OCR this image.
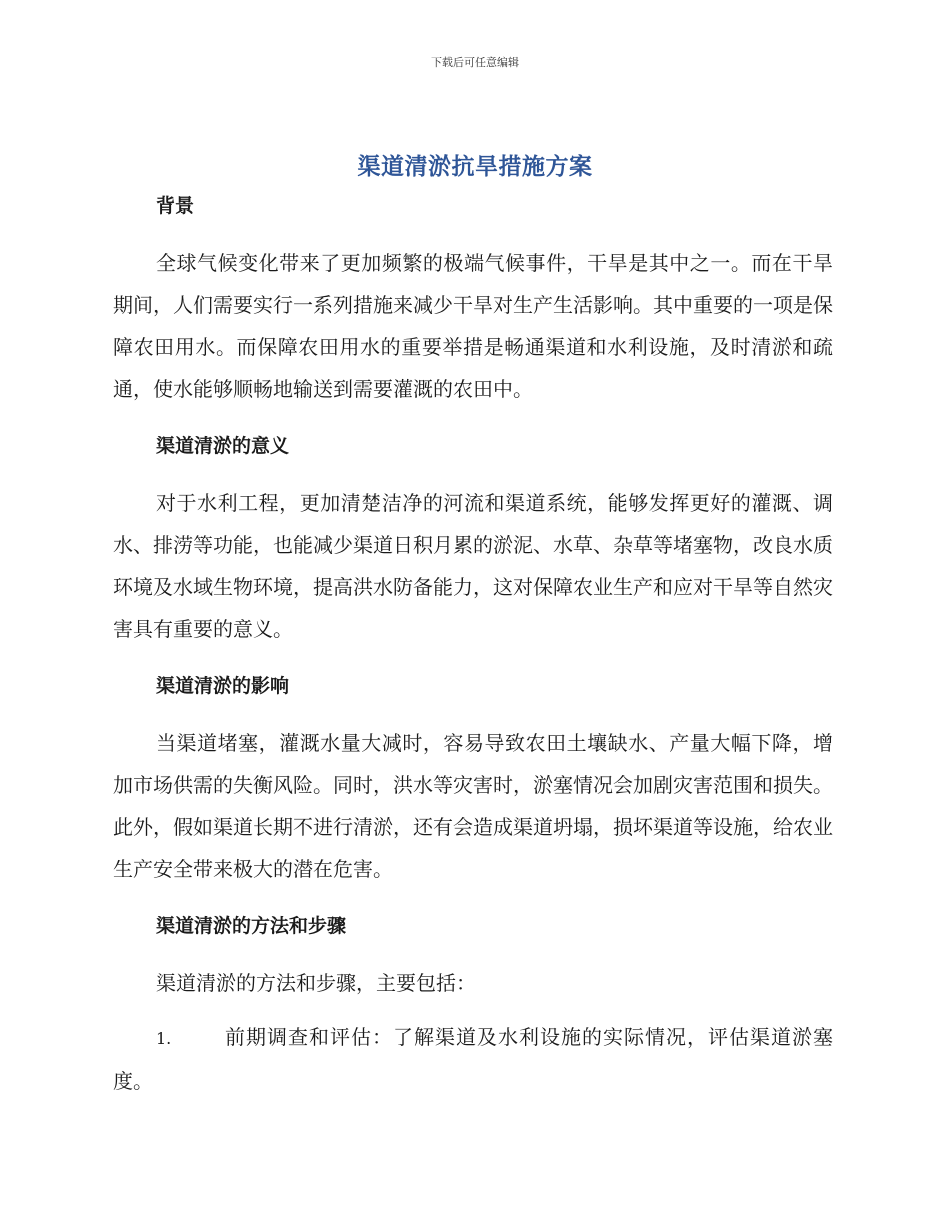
下载后可任意编辑
渠道清淤抗旱措施方案
背景

全球气候变化带来了更加频繁的极端气候事件，干旱是其中之一。而在干旱期间，人们需要实行一系列措施来减少干旱对生产生活影响。其中重要的一项是保障农田用水。而保障农田用水的重要举措是畅通渠道和水利设施，及时清淤和疏通，使水能够顺畅地输送到需要灌溉的农田中。

渠道清淤的意义

对于水利工程，更加清楚洁净的河流和渠道系统，能够发挥更好的灌溉、调水、排涝等功能，也能减少渠道日积月累的淤泥、水草、杂草等堵塞物，改良水质环境及水域生物环境，提高洪水防备能力，这对保障农业生产和应对干旱等自然灾害具有重要的意义。

渠道清淤的影响

当渠道堵塞，灌溉水量大减时，容易导致农田土壤缺水、产量大幅下降，增加市场供需的失衡风险。同时，洪水等灾害时，淤塞情况会加剧灾害范围和损失。此外，假如渠道长期不进行清淤，还有会造成渠道坍塌，损坏渠道等设施，给农业生产安全带来极大的潜在危害。

渠道清淤的方法和步骤

渠道清淤的方法和步骤，主要包括：

1.	前期调查和评估：了解渠道及水利设施的实际情况，评估渠道淤塞度。
